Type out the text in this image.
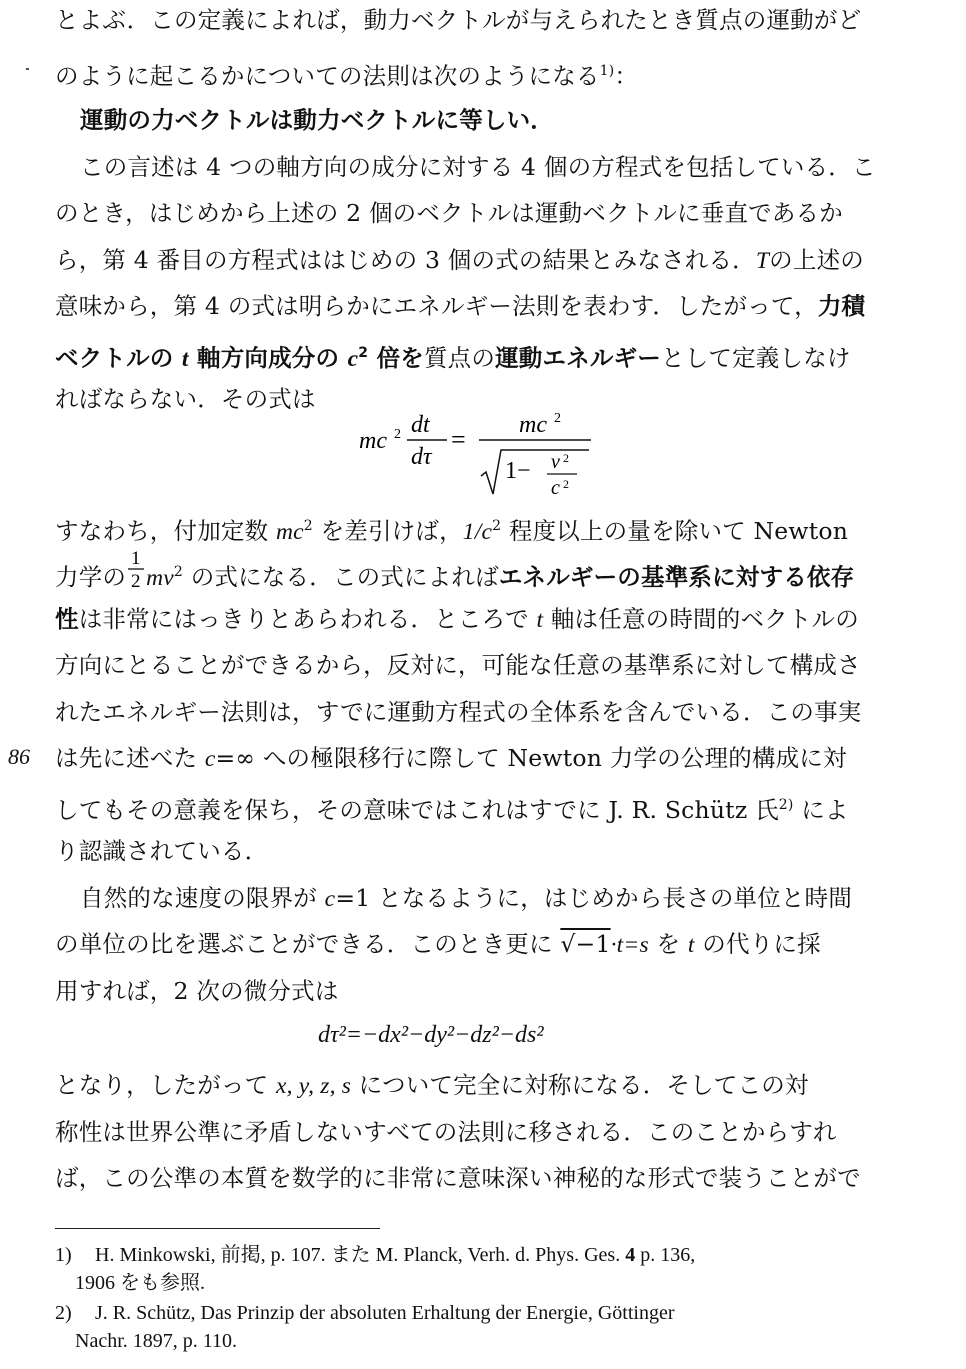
とよぶ．この定義によれば，動力ベクトルが与えられたとき質点の運動がど
のように起こるかについての法則は次のようになる$^{1)}$：
運動の力ベクトルは動力ベクトルに等しい．
この言述は 4 つの軸方向の成分に対する 4 個の方程式を包括している．こ
のとき，はじめから上述の 2 個のベクトルは運動ベクトルに垂直であるか
ら，第 4 番目の方程式ははじめの 3 個の式の結果とみなされる．Tの上述の
意味から，第 4 の式は明らかにエネルギー法則を表わす．したがって，力積
ベクトルの t 軸方向成分の $c^2$ 倍を質点の運動エネルギーとして定義しなけ
ればならない．その式は
mc 2 dt
dτ
= mc 2
1− v 2
c 2
すなわち，付加定数 $mc^2$ を差引けば，$1/c^2$ 程度以上の量を除いて Newton
力学の
1
2 $mv^2$ の式になる．この式によればエネルギーの基準系に対する依存
性は非常にはっきりとあらわれる．ところで t 軸は任意の時間的ベクトルの
方向にとることができるから，反対に，可能な任意の基準系に対して構成さ
れたエネルギー法則は，すでに運動方程式の全体系を含んでいる．この事実
86 は先に述べた c=∞ への極限移行に際して Newton 力学の公理的構成に対
してもその意義を保ち，その意味ではこれはすでに J. R. Schütz 氏$^{2)}$ によ
り認識されている．
自然的な速度の限界が c=1 となるように，はじめから長さの単位と時間
の単位の比を選ぶことができる．このとき更に √−1·t=s を t の代りに採
用すれば，2 次の微分式は
dτ²=−dx²−dy²−dz²−ds²
となり，したがって x, y, z, s について完全に対称になる．そしてこの対
称性は世界公準に矛盾しないすべての法則に移される．このことからすれ
ば，この公準の本質を数学的に非常に意味深い神秘的な形式で装うことがで
1) H. Minkowski, 前掲, p. 107. また M. Planck, Verh. d. Phys. Ges. 4 p. 136,
1906 をも参照.
2) J. R. Schütz, Das Prinzip der absoluten Erhaltung der Energie, Göttinger
Nachr. 1897, p. 110.
